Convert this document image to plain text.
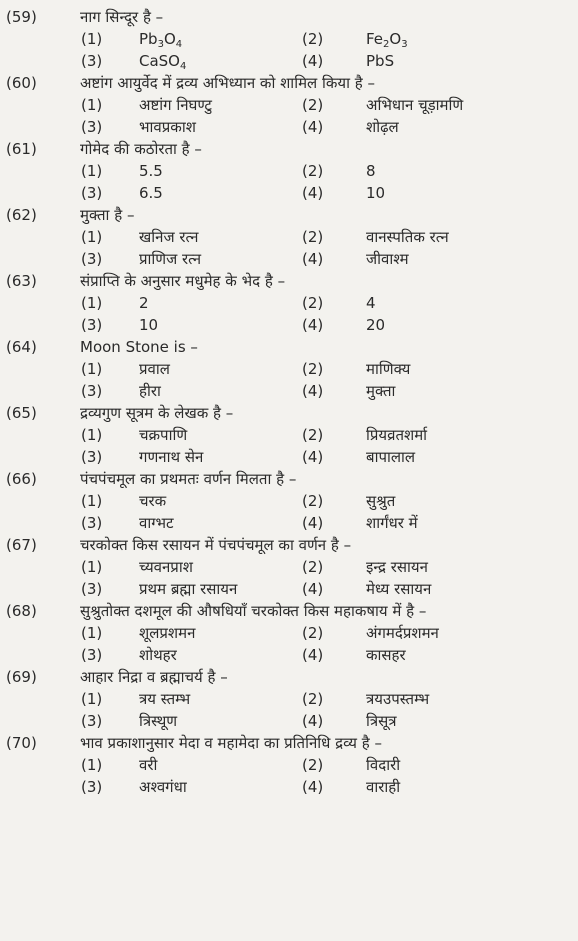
(59)	नाग सिन्दूर है –
(1)	$Pb_3O_4$	(2)	$Fe_2O_3$
(3)	CaSO$_4$	(4)	PbS
(60)	अष्टांग आयुर्वेद में द्रव्य अभिध्यान को शामिल किया है –
(1)	अष्टांग निघण्टु	(2)	अभिधान चूड़ामणि
(3)	भावप्रकाश	(4)	शोढ़ल
(61)	गोमेद की कठोरता है –
(1)	5.5	(2)	8
(3)	6.5	(4)	10
(62)	मुक्ता है –
(1)	खनिज रत्न	(2)	वानस्पतिक रत्न
(3)	प्राणिज रत्न	(4)	जीवाश्म
(63)	संप्राप्ति के अनुसार मधुमेह के भेद है –
(1)	2	(2)	4
(3)	10	(4)	20
(64)	Moon Stone is –
(1)	प्रवाल	(2)	माणिक्य
(3)	हीरा	(4)	मुक्ता
(65)	द्रव्यगुण सूत्रम के लेखक है –
(1)	चक्रपाणि	(2)	प्रियव्रतशर्मा
(3)	गणनाथ सेन	(4)	बापालाल
(66)	पंचपंचमूल का प्रथमतः वर्णन मिलता है –
(1)	चरक	(2)	सुश्रुत
(3)	वाग्भट	(4)	शार्गंधर में
(67)	चरकोक्त किस रसायन में पंचपंचमूल का वर्णन है –
(1)	च्यवनप्राश	(2)	इन्द्र रसायन
(3)	प्रथम ब्रह्मा रसायन	(4)	मेध्य रसायन
(68)	सुश्रुतोक्त दशमूल की औषधियाँ चरकोक्त किस महाकषाय में है –
(1)	शूलप्रशमन	(2)	अंगमर्दप्रशमन
(3)	शोथहर	(4)	कासहर
(69)	आहार निद्रा व ब्रह्माचर्य है –
(1)	त्रय स्तम्भ	(2)	त्रयउपस्तम्भ
(3)	त्रिस्थूण	(4)	त्रिसूत्र
(70)	भाव प्रकाशानुसार मेदा व महामेदा का प्रतिनिधि द्रव्य है –
(1)	वरी	(2)	विदारी
(3)	अश्वगंधा	(4)	वाराही
